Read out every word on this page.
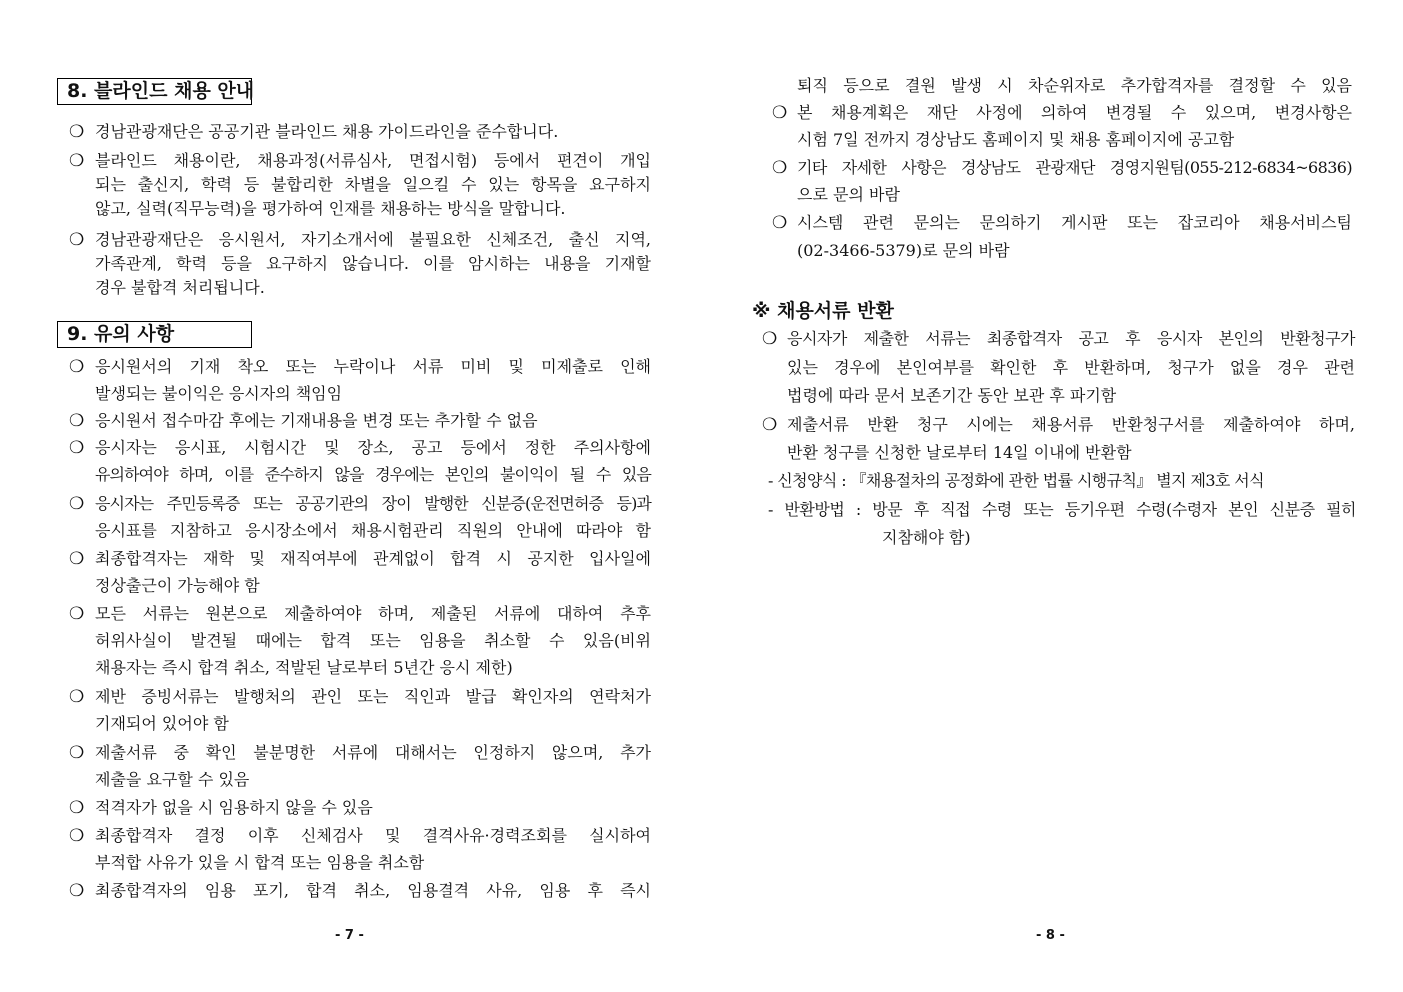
8. 블라인드 채용 안내
❍ 경남관광재단은 공공기관 블라인드 채용 가이드라인을 준수합니다.
❍ 블라인드 채용이란, 채용과정(서류심사, 면접시험) 등에서 편견이 개입
되는 출신지, 학력 등 불합리한 차별을 일으킬 수 있는 항목을 요구하지
않고, 실력(직무능력)을 평가하여 인재를 채용하는 방식을 말합니다.
❍ 경남관광재단은 응시원서, 자기소개서에 불필요한 신체조건, 출신 지역,
가족관계, 학력 등을 요구하지 않습니다. 이를 암시하는 내용을 기재할
경우 불합격 처리됩니다.
9. 유의 사항
❍ 응시원서의 기재 착오 또는 누락이나 서류 미비 및 미제출로 인해
발생되는 불이익은 응시자의 책임임
❍ 응시원서 접수마감 후에는 기재내용을 변경 또는 추가할 수 없음
❍ 응시자는 응시표, 시험시간 및 장소, 공고 등에서 정한 주의사항에
유의하여야 하며, 이를 준수하지 않을 경우에는 본인의 불이익이 될 수 있음
❍ 응시자는 주민등록증 또는 공공기관의 장이 발행한 신분증(운전면허증 등)과
응시표를 지참하고 응시장소에서 채용시험관리 직원의 안내에 따라야 함
❍ 최종합격자는 재학 및 재직여부에 관계없이 합격 시 공지한 입사일에
정상출근이 가능해야 함
❍ 모든 서류는 원본으로 제출하여야 하며, 제출된 서류에 대하여 추후
허위사실이 발견될 때에는 합격 또는 임용을 취소할 수 있음(비위
채용자는 즉시 합격 취소, 적발된 날로부터 5년간 응시 제한)
❍ 제반 증빙서류는 발행처의 관인 또는 직인과 발급 확인자의 연락처가
기재되어 있어야 함
❍ 제출서류 중 확인 불분명한 서류에 대해서는 인정하지 않으며, 추가
제출을 요구할 수 있음
❍ 적격자가 없을 시 임용하지 않을 수 있음
❍ 최종합격자 결정 이후 신체검사 및 결격사유·경력조회를 실시하여
부적합 사유가 있을 시 합격 또는 임용을 취소함
❍ 최종합격자의 임용 포기, 합격 취소, 임용결격 사유, 임용 후 즉시
- 7 -
퇴직 등으로 결원 발생 시 차순위자로 추가합격자를 결정할 수 있음
❍ 본 채용계획은 재단 사정에 의하여 변경될 수 있으며, 변경사항은
시험 7일 전까지 경상남도 홈페이지 및 채용 홈페이지에 공고함
❍ 기타 자세한 사항은 경상남도 관광재단 경영지원팀(055-212-6834~6836)
으로 문의 바람
❍ 시스템 관련 문의는 문의하기 게시판 또는 잡코리아 채용서비스팀
(02-3466-5379)로 문의 바람
※ 채용서류 반환
❍ 응시자가 제출한 서류는 최종합격자 공고 후 응시자 본인의 반환청구가
있는 경우에 본인여부를 확인한 후 반환하며, 청구가 없을 경우 관련
법령에 따라 문서 보존기간 동안 보관 후 파기함
❍ 제출서류 반환 청구 시에는 채용서류 반환청구서를 제출하여야 하며,
반환 청구를 신청한 날로부터 14일 이내에 반환함
- 신청양식 : 『채용절차의 공정화에 관한 법률 시행규칙』 별지 제3호 서식
- 반환방법 : 방문 후 직접 수령 또는 등기우편 수령(수령자 본인 신분증 필히
지참해야 함)
- 8 -
